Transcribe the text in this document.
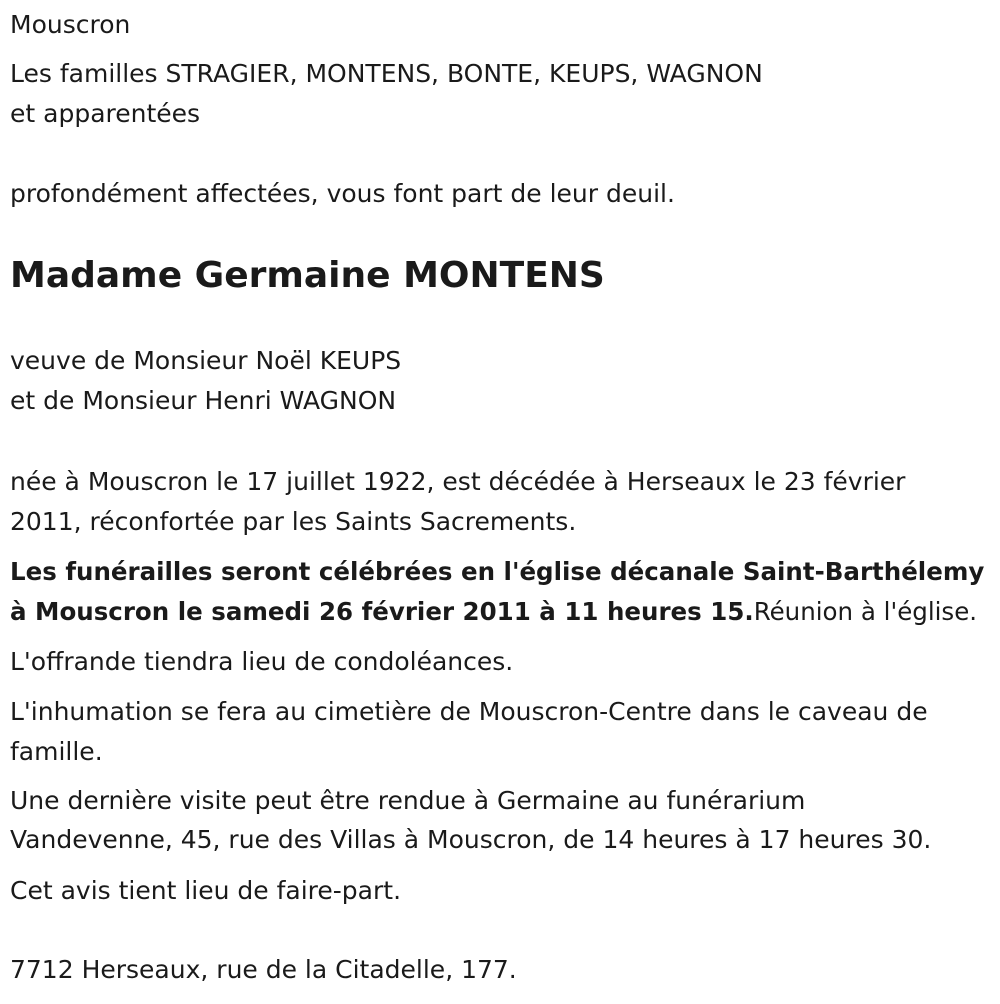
Mouscron
Les familles STRAGIER, MONTENS, BONTE, KEUPS, WAGNON
et apparentées
profondément affectées, vous font part de leur deuil.
Madame Germaine MONTENS
veuve de Monsieur Noël KEUPS
et de Monsieur Henri WAGNON
née à Mouscron le 17 juillet 1922, est décédée à Herseaux le 23 février
2011, réconfortée par les Saints Sacrements.
Les funérailles seront célébrées en l'église décanale Saint-Barthélemy
à Mouscron le samedi 26 février 2011 à 11 heures 15.Réunion à l'église.
L'offrande tiendra lieu de condoléances.
L'inhumation se fera au cimetière de Mouscron-Centre dans le caveau de
famille.
Une dernière visite peut être rendue à Germaine au funérarium
Vandevenne, 45, rue des Villas à Mouscron, de 14 heures à 17 heures 30.
Cet avis tient lieu de faire-part.
7712 Herseaux, rue de la Citadelle, 177.
